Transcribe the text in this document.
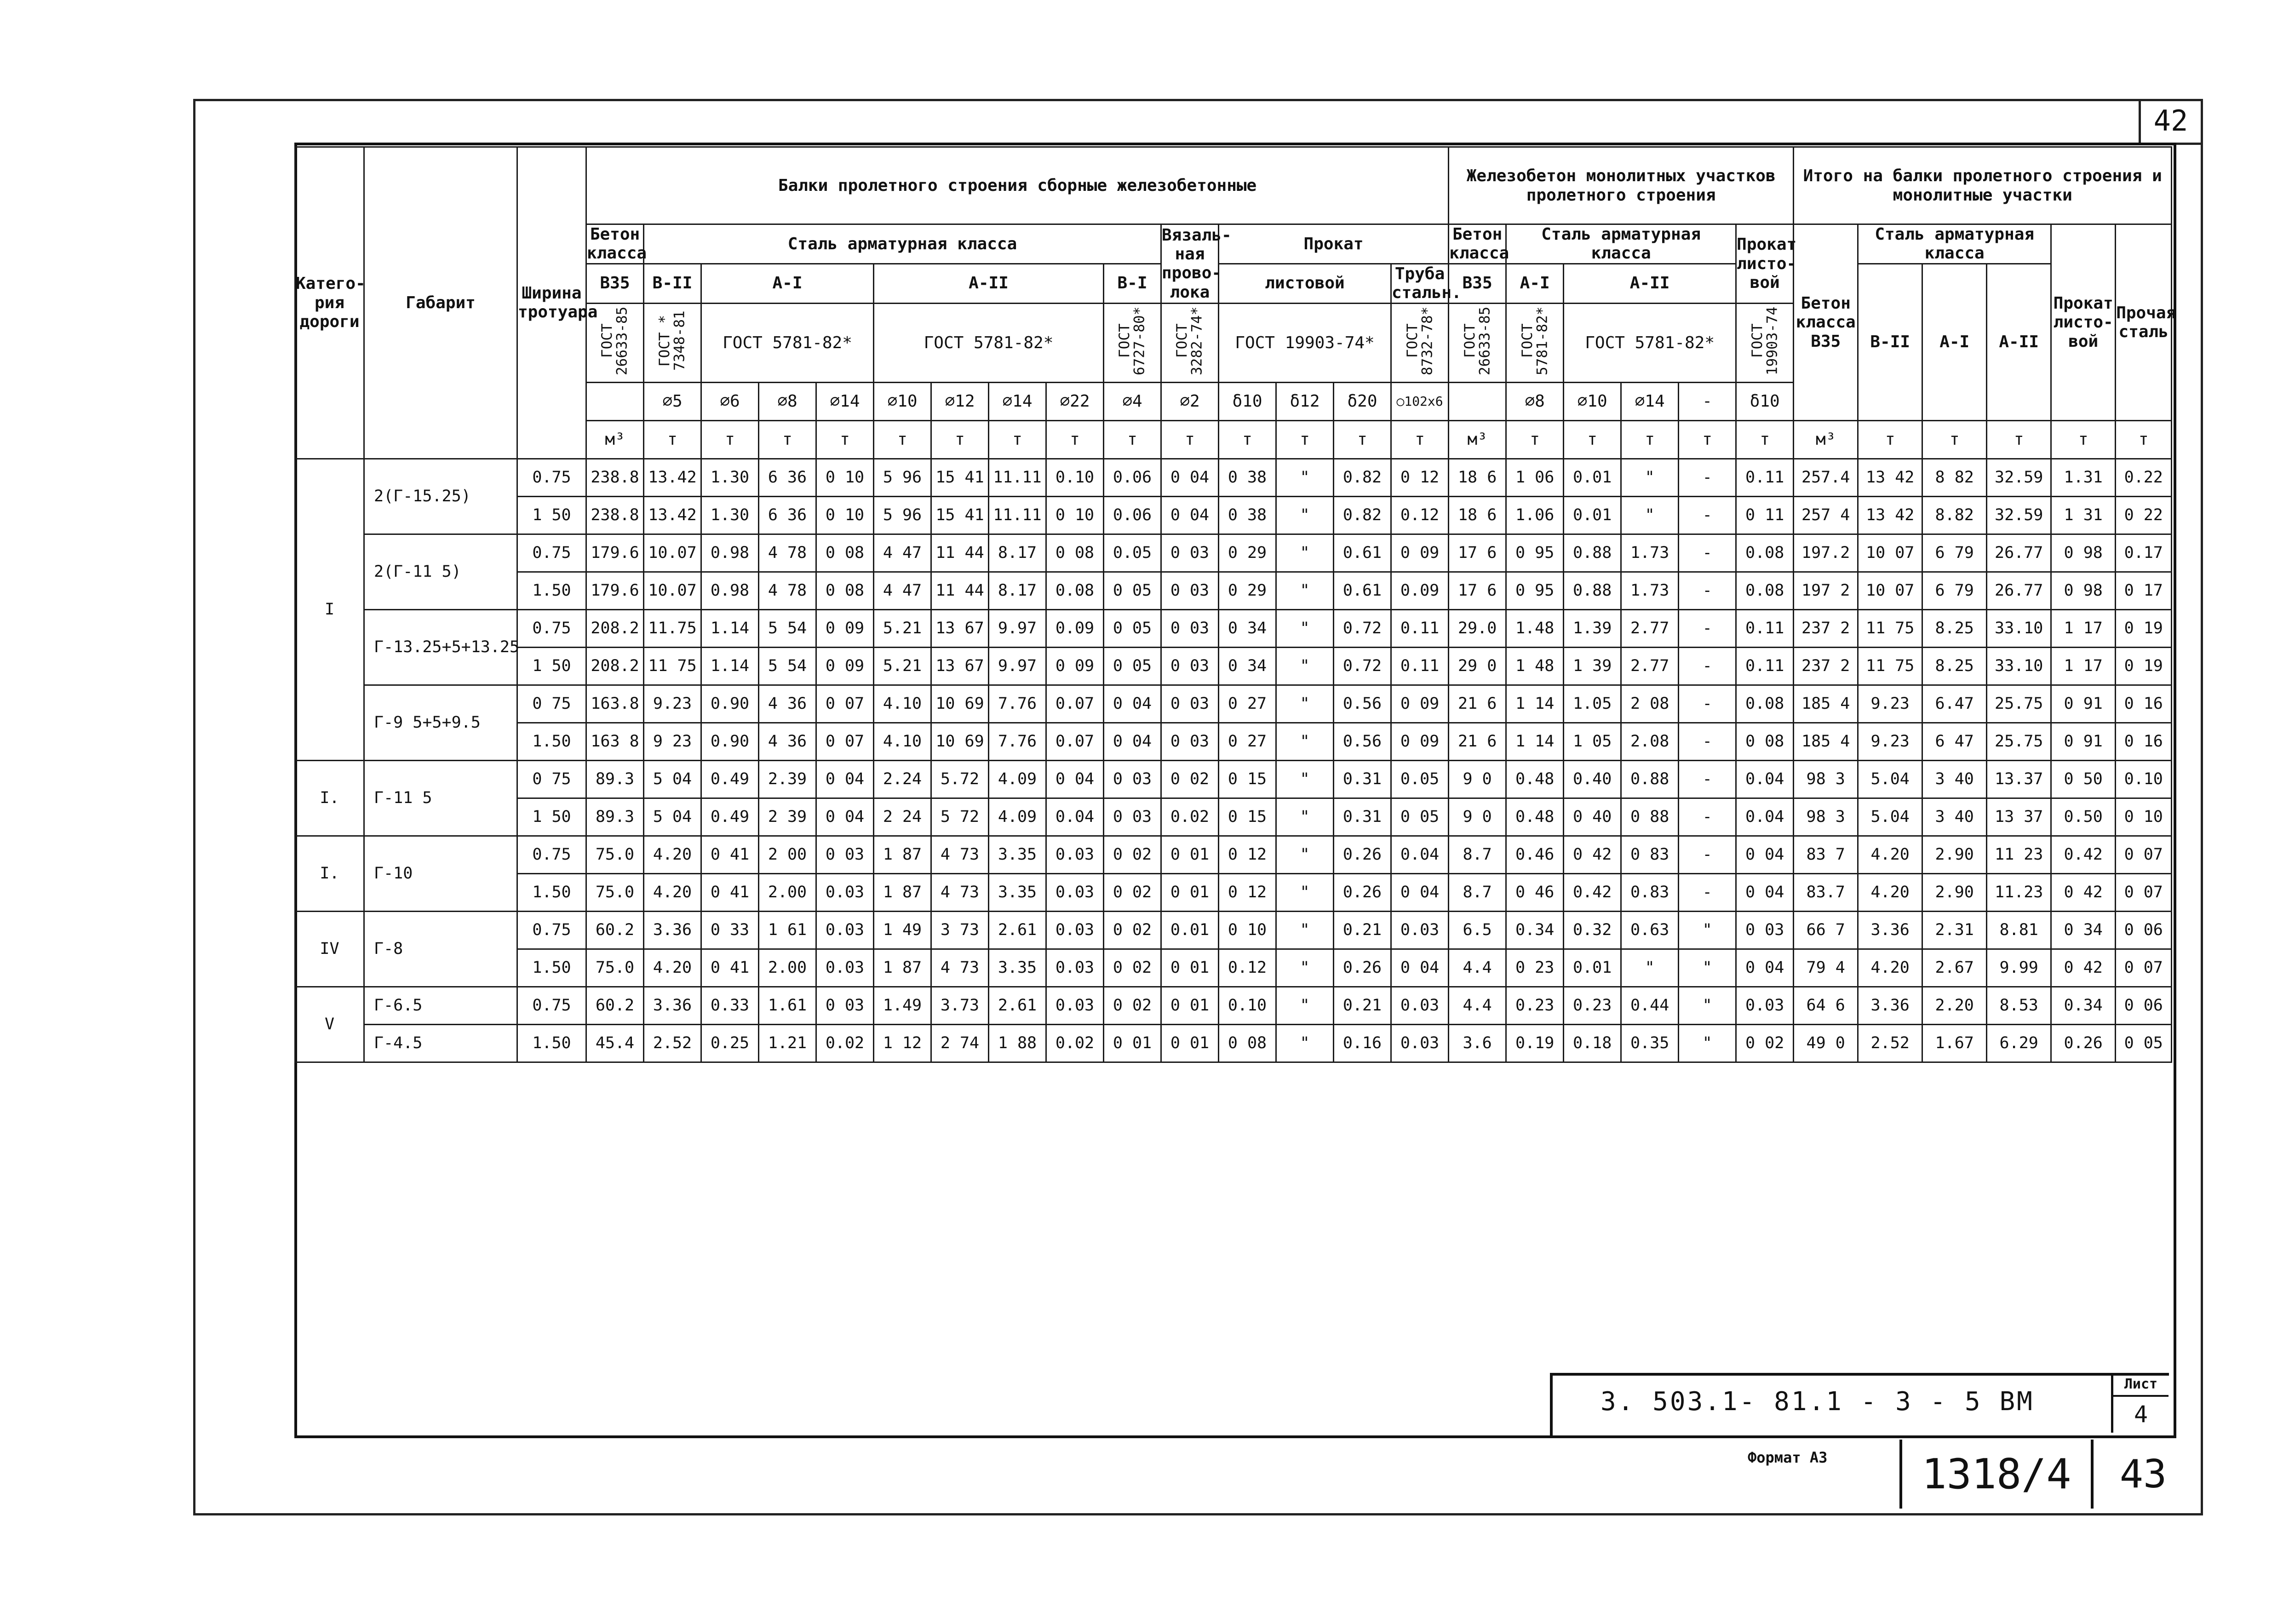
42
Катего-рия дороги	Габарит	Ширина тротуара	Балки пролетного строения сборные железобетонные															Железобетон монолитных участков пролетного строения						Итого на балки пролетного строения и монолитные участки					
			Бетон класса	Сталь арматурная класса									Вязаль-ная прово-лока	Прокат				Бетон класса	Сталь арматурная класса				Прокат листо-вой	Бетон класса В35	Сталь арматурная класса			Прокат листо-вой	Прочая сталь
			В35	В-II	А-I			А-II				В-I		листовой			Труба стальн.	В35	А-I	А-II					В-II	А-I	А-II		
			ГОСТ 26633-85	ГОСТ * 7348-81	ГОСТ 5781-82*			ГОСТ 5781-82*				ГОСТ 6727-80*	ГОСТ 3282-74*	ГОСТ 19903-74*			ГОСТ 8732-78*	ГОСТ 26633-85	ГОСТ 5781-82*	ГОСТ 5781-82*			ГОСТ 19903-74						
				⌀5	⌀6	⌀8	⌀14	⌀10	⌀12	⌀14	⌀22	⌀4	⌀2	δ10	δ12	δ20	○102х6		⌀8	⌀10	⌀14	-	δ10						
			м³	т	т	т	т	т	т	т	т	т	т	т	т	т	т	м³	т	т	т	т	т	м³	т	т	т	т	т
I	2(Г-15.25)	0.75	238.8	13.42	1.30	6 36	0 10	5 96	15 41	11.11	0.10	0.06	0 04	0 38	"	0.82	0 12	18 6	1 06	0.01	"	-	0.11	257.4	13 42	8 82	32.59	1.31	0.22
		1 50	238.8	13.42	1.30	6 36	0 10	5 96	15 41	11.11	0 10	0.06	0 04	0 38	"	0.82	0.12	18 6	1.06	0.01	"	-	0 11	257 4	13 42	8.82	32.59	1 31	0 22
	2(Г-11 5)	0.75	179.6	10.07	0.98	4 78	0 08	4 47	11 44	8.17	0 08	0.05	0 03	0 29	"	0.61	0 09	17 6	0 95	0.88	1.73	-	0.08	197.2	10 07	6 79	26.77	0 98	0.17
		1.50	179.6	10.07	0.98	4 78	0 08	4 47	11 44	8.17	0.08	0 05	0 03	0 29	"	0.61	0.09	17 6	0 95	0.88	1.73	-	0.08	197 2	10 07	6 79	26.77	0 98	0 17
	Г-13.25+5+13.25	0.75	208.2	11.75	1.14	5 54	0 09	5.21	13 67	9.97	0.09	0 05	0 03	0 34	"	0.72	0.11	29.0	1.48	1.39	2.77	-	0.11	237 2	11 75	8.25	33.10	1 17	0 19
		1 50	208.2	11 75	1.14	5 54	0 09	5.21	13 67	9.97	0 09	0 05	0 03	0 34	"	0.72	0.11	29 0	1 48	1 39	2.77	-	0.11	237 2	11 75	8.25	33.10	1 17	0 19
	Г-9 5+5+9.5	0 75	163.8	9.23	0.90	4 36	0 07	4.10	10 69	7.76	0.07	0 04	0 03	0 27	"	0.56	0 09	21 6	1 14	1.05	2 08	-	0.08	185 4	9.23	6.47	25.75	0 91	0 16
		1.50	163 8	9 23	0.90	4 36	0 07	4.10	10 69	7.76	0.07	0 04	0 03	0 27	"	0.56	0 09	21 6	1 14	1 05	2.08	-	0 08	185 4	9.23	6 47	25.75	0 91	0 16
I.	Г-11 5	0 75	89.3	5 04	0.49	2.39	0 04	2.24	5.72	4.09	0 04	0 03	0 02	0 15	"	0.31	0.05	9 0	0.48	0.40	0.88	-	0.04	98 3	5.04	3 40	13.37	0 50	0.10
		1 50	89.3	5 04	0.49	2 39	0 04	2 24	5 72	4.09	0.04	0 03	0.02	0 15	"	0.31	0 05	9 0	0.48	0 40	0 88	-	0.04	98 3	5.04	3 40	13 37	0.50	0 10
I.	Г-10	0.75	75.0	4.20	0 41	2 00	0 03	1 87	4 73	3.35	0.03	0 02	0 01	0 12	"	0.26	0.04	8.7	0.46	0 42	0 83	-	0 04	83 7	4.20	2.90	11 23	0.42	0 07
		1.50	75.0	4.20	0 41	2.00	0.03	1 87	4 73	3.35	0.03	0 02	0 01	0 12	"	0.26	0 04	8.7	0 46	0.42	0.83	-	0 04	83.7	4.20	2.90	11.23	0 42	0 07
IV	Г-8	0.75	60.2	3.36	0 33	1 61	0.03	1 49	3 73	2.61	0.03	0 02	0.01	0 10	"	0.21	0.03	6.5	0.34	0.32	0.63	"	0 03	66 7	3.36	2.31	8.81	0 34	0 06
		1.50	75.0	4.20	0 41	2.00	0.03	1 87	4 73	3.35	0.03	0 02	0 01	0.12	"	0.26	0 04	4.4	0 23	0.01	"	"	0 04	79 4	4.20	2.67	9.99	0 42	0 07
V	Г-6.5	0.75	60.2	3.36	0.33	1.61	0 03	1.49	3.73	2.61	0.03	0 02	0 01	0.10	"	0.21	0.03	4.4	0.23	0.23	0.44	"	0.03	64 6	3.36	2.20	8.53	0.34	0 06
	Г-4.5	1.50	45.4	2.52	0.25	1.21	0.02	1 12	2 74	1 88	0.02	0 01	0 01	0 08	"	0.16	0.03	3.6	0.19	0.18	0.35	"	0 02	49 0	2.52	1.67	6.29	0.26	0 05
3. 503.1- 81.1 - 3 - 5 ВМ
Лист
4
Формат А3	1318/4	43
